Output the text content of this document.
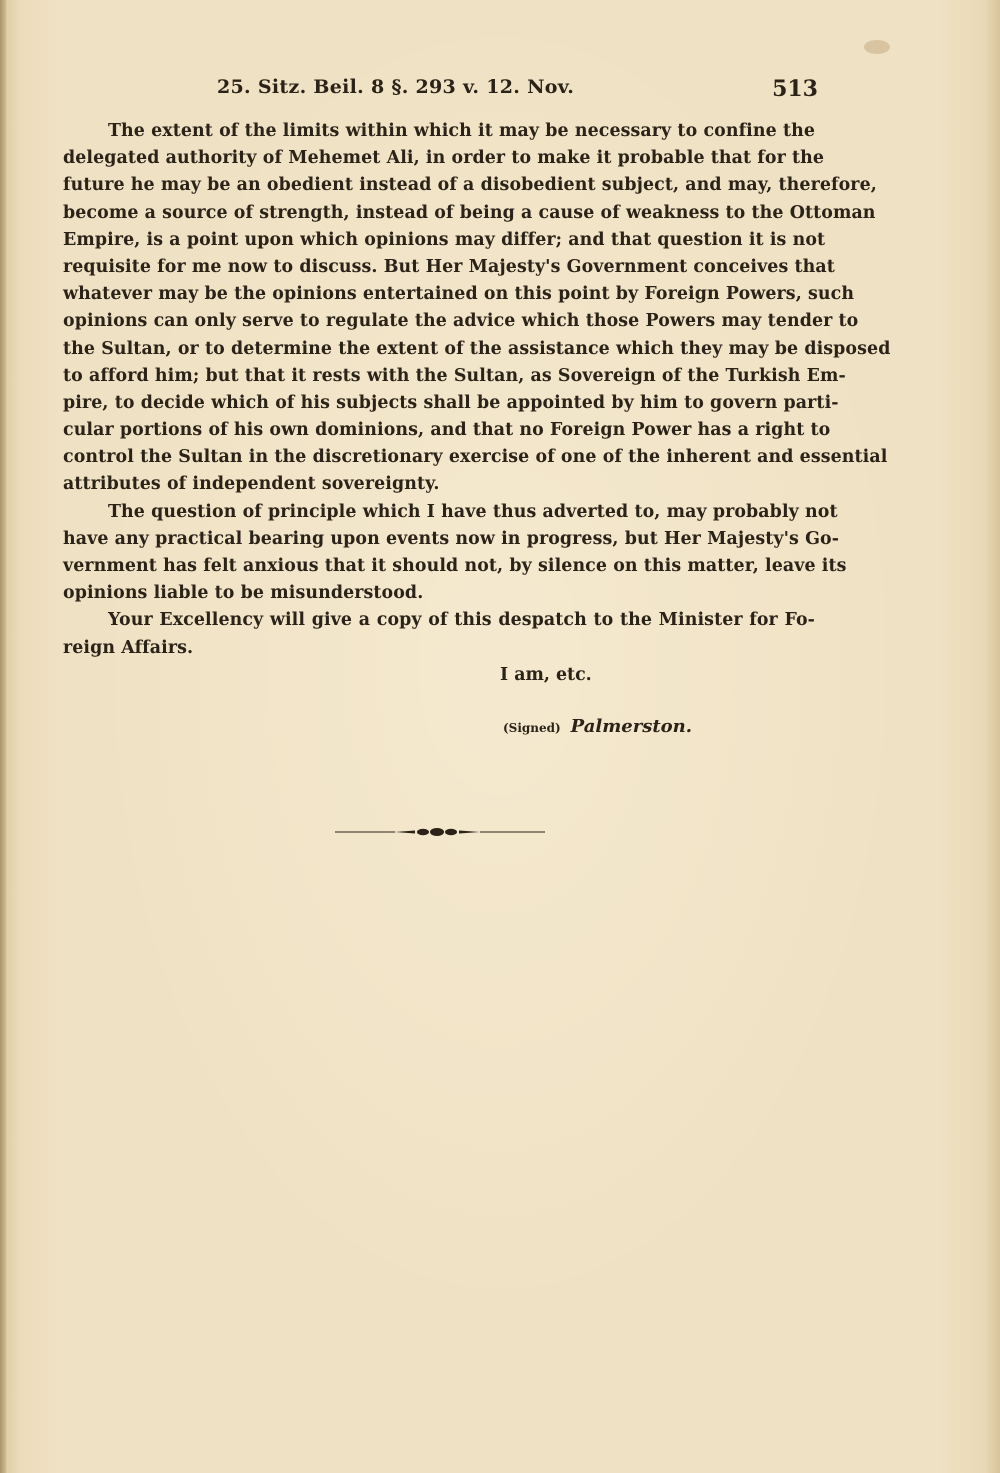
25. Sitz. Beil. 8 §. 293 v. 12. Nov.	513
The extent of the limits within which it may be necessary to confine the
delegated authority of Mehemet Ali, in order to make it probable that for the
future he may be an obedient instead of a disobedient subject, and may, therefore,
become a source of strength, instead of being a cause of weakness to the Ottoman
Empire, is a point upon which opinions may differ; and that question it is not
requisite for me now to discuss. But Her Majesty's Government conceives that
whatever may be the opinions entertained on this point by Foreign Powers, such
opinions can only serve to regulate the advice which those Powers may tender to
the Sultan, or to determine the extent of the assistance which they may be disposed
to afford him; but that it rests with the Sultan, as Sovereign of the Turkish Em-
pire, to decide which of his subjects shall be appointed by him to govern parti-
cular portions of his own dominions, and that no Foreign Power has a right to
control the Sultan in the discretionary exercise of one of the inherent and essential
attributes of independent sovereignty.
The question of principle which I have thus adverted to, may probably not
have any practical bearing upon events now in progress, but Her Majesty's Go-
vernment has felt anxious that it should not, by silence on this matter, leave its
opinions liable to be misunderstood.
Your Excellency will give a copy of this despatch to the Minister for Fo-
reign Affairs.
I am, etc.
(Signed) Palmerston.
